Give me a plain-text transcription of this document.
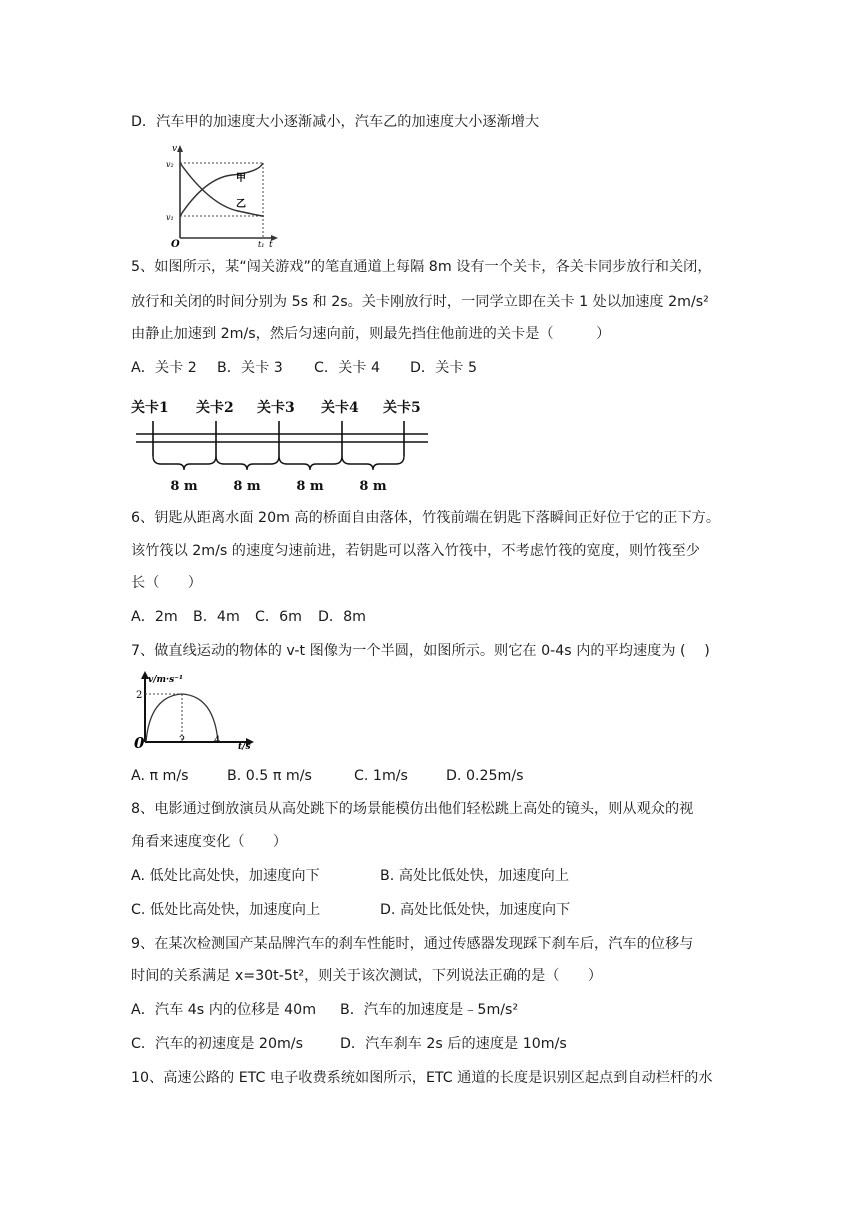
D．汽车甲的加速度大小逐渐减小，汽车乙的加速度大小逐渐增大
v
v₂
v₁
O	t₁ t
甲
乙
5、如图所示，某“闯关游戏”的笔直通道上每隔 8m 设有一个关卡，各关卡同步放行和关闭，
放行和关闭的时间分别为 5s 和 2s。关卡刚放行时，一同学立即在关卡 1 处以加速度 2m/s²
由静止加速到 2m/s，然后匀速向前，则最先挡住他前进的关卡是（　　　）
A．关卡 2 B．关卡 3 C．关卡 4 D．关卡 5
关卡1 关卡2 关卡3 关卡4 关卡5
8 m	8 m	8 m	8 m
6、钥匙从距离水面 20m 高的桥面自由落体，竹筏前端在钥匙下落瞬间正好位于它的正下方。
该竹筏以 2m/s 的速度匀速前进，若钥匙可以落入竹筏中，不考虑竹筏的宽度，则竹筏至少
长（　　）
A．2m B．4m C．6m D．8m
7、做直线运动的物体的 v-t 图像为一个半圆，如图所示。则它在 0-4s 内的平均速度为 (　 )
v/m·s⁻¹
2
0	2	4
t/s
A. π m/s	B. 0.5 π m/s	C. 1m/s	D. 0.25m/s
8、电影通过倒放演员从高处跳下的场景能模仿出他们轻松跳上高处的镜头，则从观众的视
角看来速度变化（　　）
A. 低处比高处快，加速度向下	B. 高处比低处快，加速度向上
C. 低处比高处快，加速度向上	D. 高处比低处快，加速度向下
9、在某次检测国产某品牌汽车的刹车性能时，通过传感器发现踩下刹车后，汽车的位移与
时间的关系满足 x=30t-5t²，则关于该次测试，下列说法正确的是（　　）
A．汽车 4s 内的位移是 40m B．汽车的加速度是﹣5m/s²
C．汽车的初速度是 20m/s	D．汽车刹车 2s 后的速度是 10m/s
10、高速公路的 ETC 电子收费系统如图所示，ETC 通道的长度是识别区起点到自动栏杆的水
